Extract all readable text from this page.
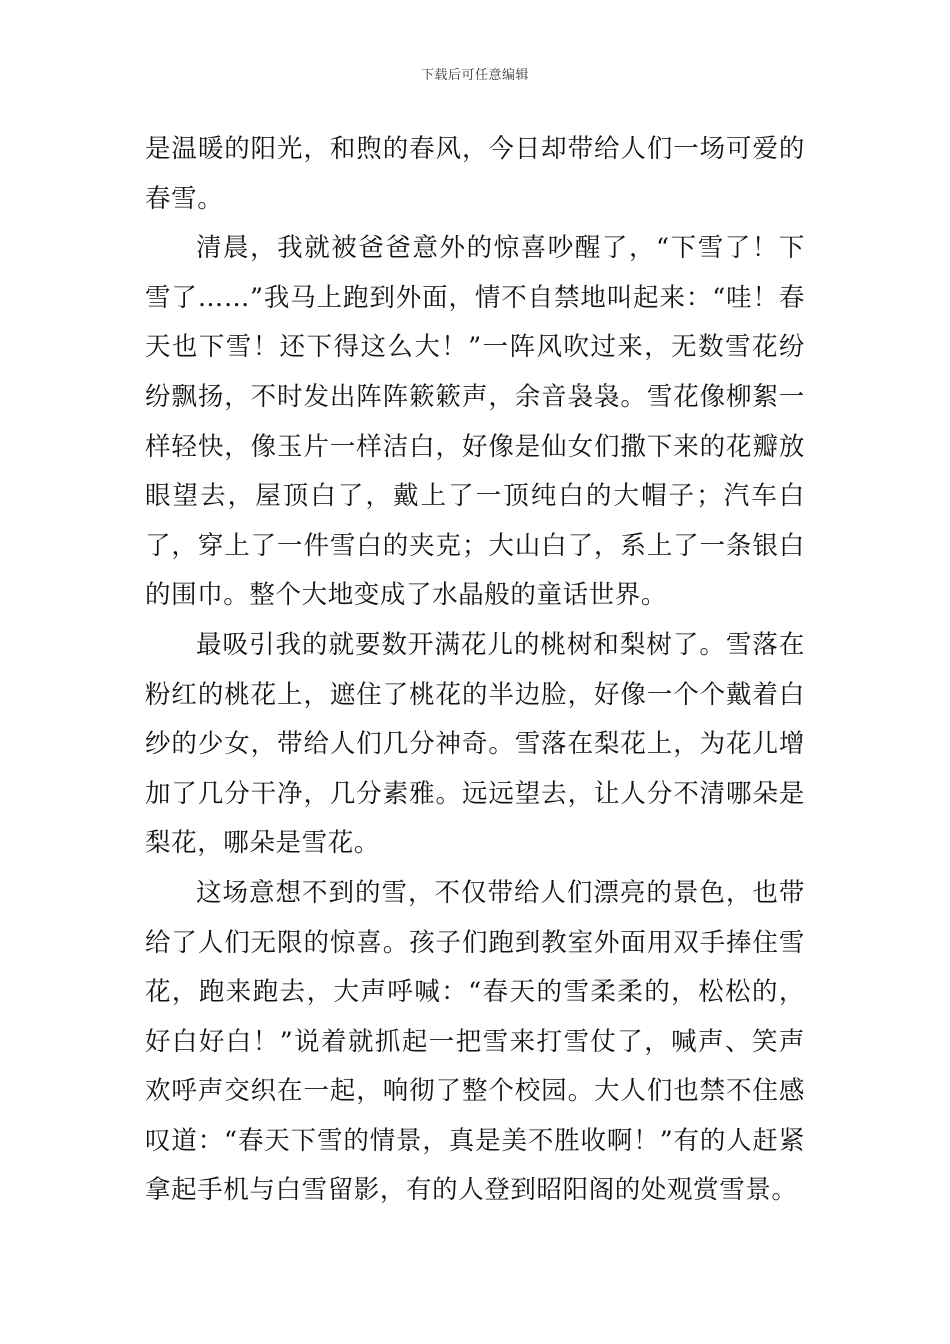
下载后可任意编辑

是温暖的阳光，和煦的春风，今日却带给人们一场可爱的春雪。

清晨，我就被爸爸意外的惊喜吵醒了，“下雪了！下雪了……”我马上跑到外面，情不自禁地叫起来：“哇！春天也下雪！还下得这么大！”一阵风吹过来，无数雪花纷纷飘扬，不时发出阵阵簌簌声，余音袅袅。雪花像柳絮一样轻快，像玉片一样洁白，好像是仙女们撒下来的花瓣放眼望去，屋顶白了，戴上了一顶纯白的大帽子；汽车白了，穿上了一件雪白的夹克；大山白了，系上了一条银白的围巾。整个大地变成了水晶般的童话世界。

最吸引我的就要数开满花儿的桃树和梨树了。雪落在粉红的桃花上，遮住了桃花的半边脸，好像一个个戴着白纱的少女，带给人们几分神奇。雪落在梨花上，为花儿增加了几分干净，几分素雅。远远望去，让人分不清哪朵是梨花，哪朵是雪花。

这场意想不到的雪，不仅带给人们漂亮的景色，也带给了人们无限的惊喜。孩子们跑到教室外面用双手捧住雪花，跑来跑去，大声呼喊：“春天的雪柔柔的，松松的，好白好白！”说着就抓起一把雪来打雪仗了，喊声、笑声欢呼声交织在一起，响彻了整个校园。大人们也禁不住感叹道：“春天下雪的情景，真是美不胜收啊！”有的人赶紧拿起手机与白雪留影，有的人登到昭阳阁的处观赏雪景。
